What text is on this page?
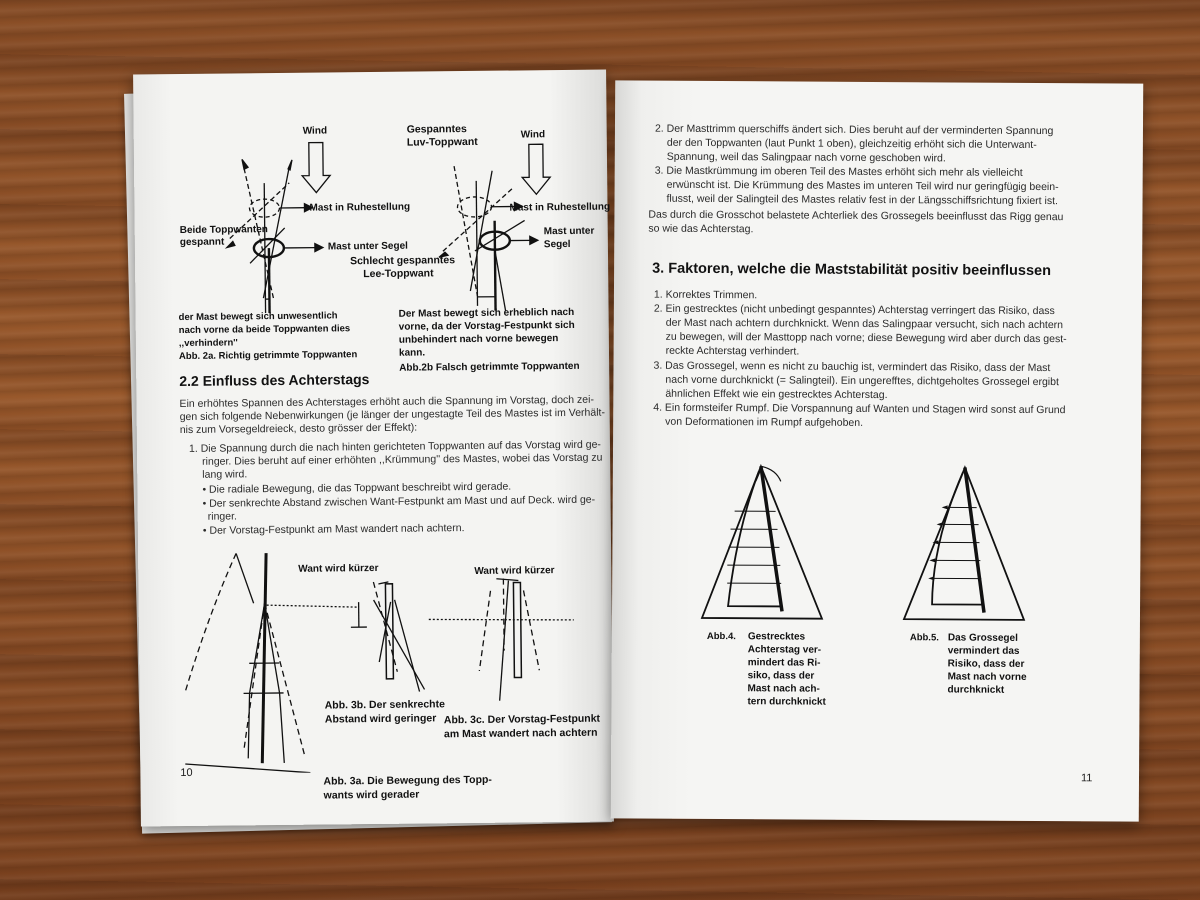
Wind	Gespanntes
Luv-Toppwant
Wind
Mast in Ruhestellung	Mast in Ruhestellung
Beide Toppwanten
gespannt	Mast unter Segel
Mast unter
Segel
Schlecht gespanntes
Lee-Toppwant
der Mast bewegt sich unwesentlich
nach vorne da beide Toppwanten dies
,,verhindern''
Abb. 2a. Richtig getrimmte Toppwanten
Der Mast bewegt sich erheblich nach
vorne, da der Vorstag-Festpunkt sich
unbehindert nach vorne bewegen
kann.
Abb.2b Falsch getrimmte Toppwanten
2.2 Einfluss des Achterstags
Ein erhöhtes Spannen des Achterstages erhöht auch die Spannung im Vorstag, doch zei-
gen sich folgende Nebenwirkungen (je länger der ungestagte Teil des Mastes ist im Verhält-
nis zum Vorsegeldreieck, desto grösser der Effekt):
1. Die Spannung durch die nach hinten gerichteten Toppwanten auf das Vorstag wird ge-
ringer. Dies beruht auf einer erhöhten ,,Krümmung'' des Mastes, wobei das Vorstag zu
lang wird.
• Die radiale Bewegung, die das Toppwant beschreibt wird gerade.
• Der senkrechte Abstand zwischen Want-Festpunkt am Mast und auf Deck. wird ge-
ringer.
• Der Vorstag-Festpunkt am Mast wandert nach achtern.
Want wird kürzer	Want wird kürzer
Abb. 3b. Der senkrechte
Abstand wird geringer Abb. 3c. Der Vorstag-Festpunkt
am Mast wandert nach achtern
Abb. 3a. Die Bewegung des Topp-
wants wird gerader
10
2. Der Masttrimm querschiffs ändert sich. Dies beruht auf der verminderten Spannung
der den Toppwanten (laut Punkt 1 oben), gleichzeitig erhöht sich die Unterwant-
Spannung, weil das Salingpaar nach vorne geschoben wird.
3. Die Mastkrümmung im oberen Teil des Mastes erhöht sich mehr als vielleicht
erwünscht ist. Die Krümmung des Mastes im unteren Teil wird nur geringfügig beein-
flusst, weil der Salingteil des Mastes relativ fest in der Längsschiffsrichtung fixiert ist.
Das durch die Grosschot belastete Achterliek des Grossegels beeinflusst das Rigg genau
so wie das Achterstag.
3. Faktoren, welche die Maststabilität positiv beeinflussen
1. Korrektes Trimmen.
2. Ein gestrecktes (nicht unbedingt gespanntes) Achterstag verringert das Risiko, dass
der Mast nach achtern durchknickt. Wenn das Salingpaar versucht, sich nach achtern
zu bewegen, will der Masttopp nach vorne; diese Bewegung wird aber durch das gest-
reckte Achterstag verhindert.
3. Das Grossegel, wenn es nicht zu bauchig ist, vermindert das Risiko, dass der Mast
nach vorne durchknickt (= Salingteil). Ein ungerefftes, dichtgeholtes Grossegel ergibt
ähnlichen Effekt wie ein gestrecktes Achterstag.
4. Ein formsteifer Rumpf. Die Vorspannung auf Wanten und Stagen wird sonst auf Grund
von Deformationen im Rumpf aufgehoben.
Abb.4. Gestrecktes
Achterstag ver-
mindert das Ri-
siko, dass der
Mast nach ach-
tern durchknickt
Abb.5. Das Grossegel
vermindert das
Risiko, dass der
Mast nach vorne
durchknickt
11
